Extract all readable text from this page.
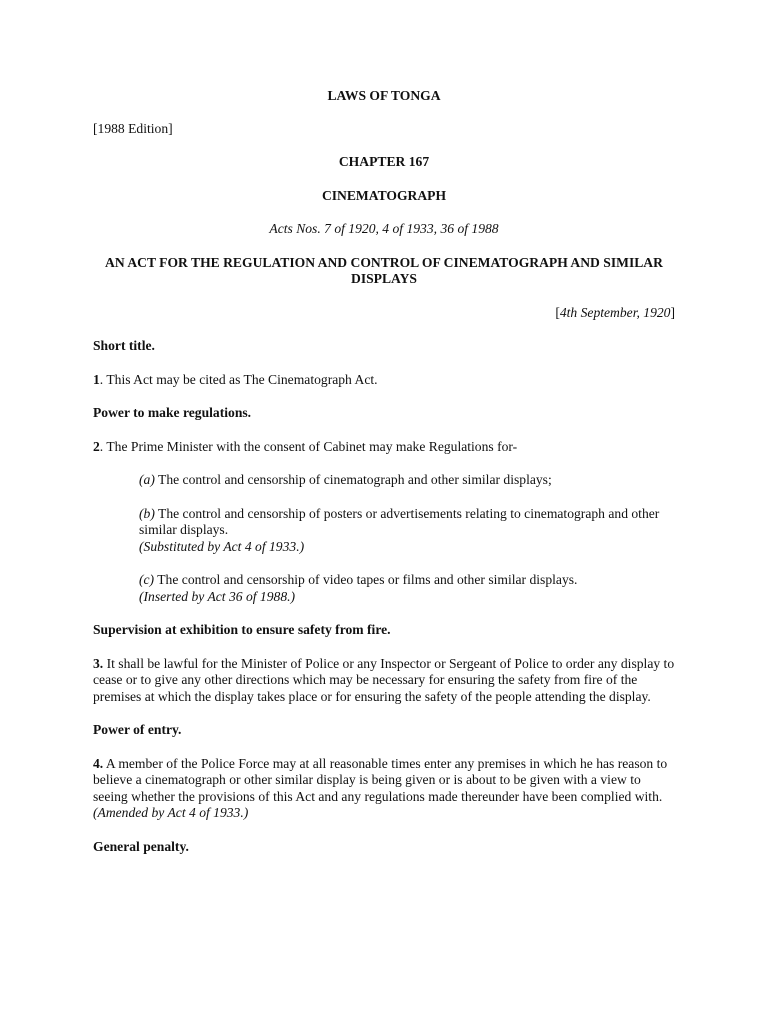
LAWS OF TONGA
[1988 Edition]
CHAPTER 167
CINEMATOGRAPH
Acts Nos. 7 of 1920, 4 of 1933, 36 of 1988
AN ACT FOR THE REGULATION AND CONTROL OF CINEMATOGRAPH AND SIMILAR DISPLAYS
[4th September, 1920]
Short title.
1. This Act may be cited as The Cinematograph Act.
Power to make regulations.
2. The Prime Minister with the consent of Cabinet may make Regulations for-

(a) The control and censorship of cinematograph and other similar displays;

(b) The control and censorship of posters or advertisements relating to cinematograph and other similar displays.

(Substituted by Act 4 of 1933.)

(c) The control and censorship of video tapes or films and other similar displays.

(Inserted by Act 36 of 1988.)

Supervision at exhibition to ensure safety from fire.
3. It shall be lawful for the Minister of Police or any Inspector or Sergeant of Police to order any display to cease or to give any other directions which may be necessary for ensuring the safety from fire of the premises at which the display takes place or for ensuring the safety of the people attending the display.
Power of entry.
4. A member of the Police Force may at all reasonable times enter any premises in which he has reason to believe a cinematograph or other similar display is being given or is about to be given with a view to seeing whether the provisions of this Act and any regulations made thereunder have been complied with.
(Amended by Act 4 of 1933.)
General penalty.
